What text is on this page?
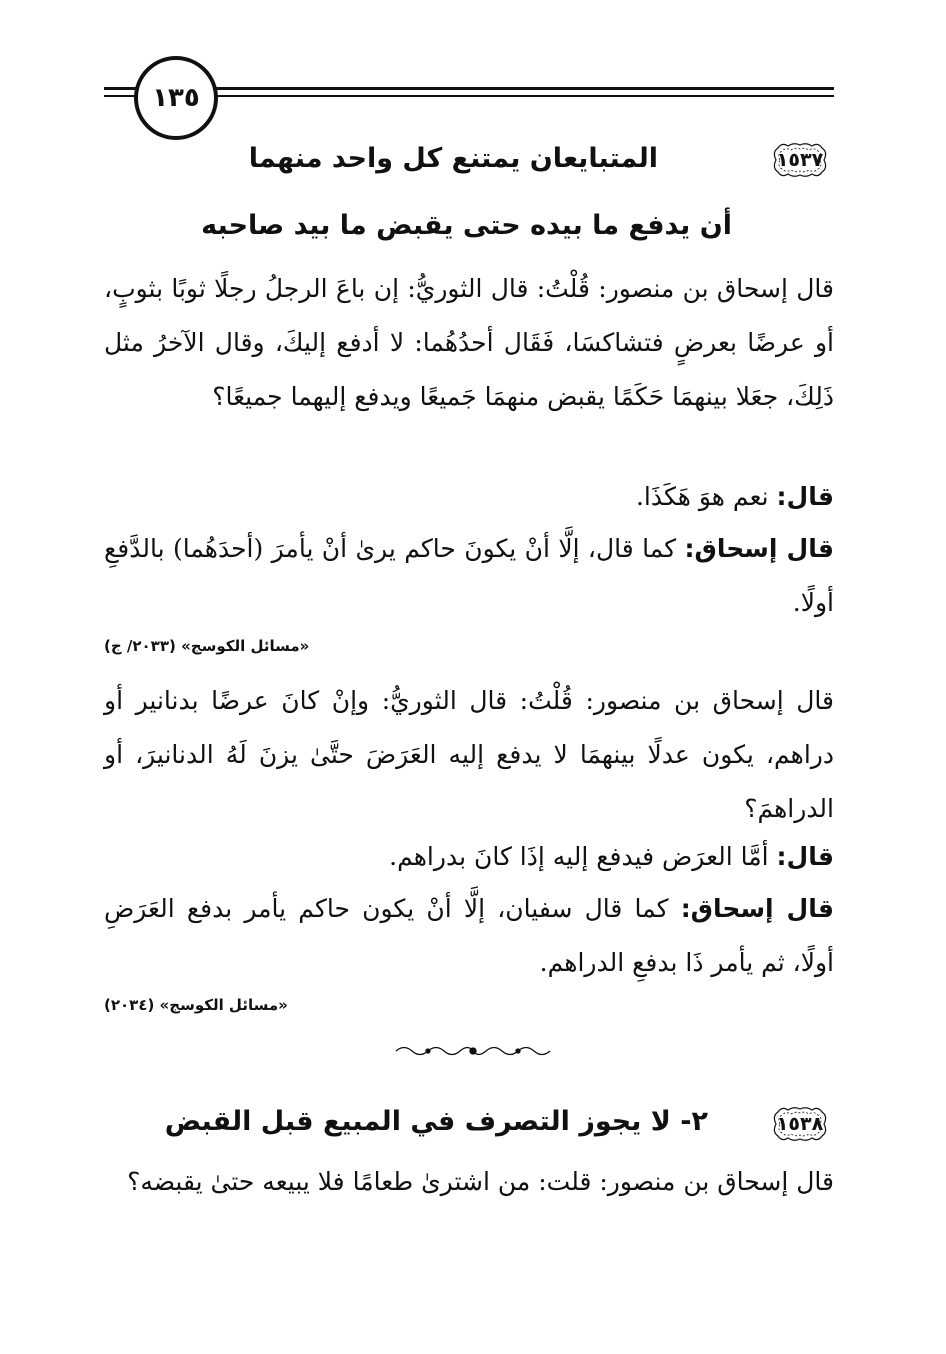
١٣٥
١٥٣٧
المتبايعان يمتنع كل واحد منهما
أن يدفع ما بيده حتى يقبض ما بيد صاحبه
قال إسحاق بن منصور: قُلْتُ: قال الثوريُّ: إن باعَ الرجلُ رجلًا ثوبًا بثوبٍ، أو عرضًا بعرضٍ فتشاكسَا، فَقَال أحدُهُما: لا أدفع إليكَ، وقال الآخرُ مثل ذَلِكَ، جعَلا بينهمَا حَكَمًا يقبض منهمَا جَميعًا ويدفع إليهما جميعًا؟
قال: نعم هوَ هَكَذَا.
قال إسحاق: كما قال، إلَّا أنْ يكونَ حاكم يرىٰ أنْ يأمرَ (أحدَهُما) بالدَّفعِ أولًا.
«مسائل الكوسج» (٢٠٣٣/ ج)
قال إسحاق بن منصور: قُلْتُ: قال الثوريُّ: وإنْ كانَ عرضًا بدنانير أو دراهم، يكون عدلًا بينهمَا لا يدفع إليه العَرَضَ حتَّىٰ يزنَ لَهُ الدنانيرَ، أو الدراهمَ؟
قال: أمَّا العرَض فيدفع إليه إذَا كانَ بدراهم.
قال إسحاق: كما قال سفيان، إلَّا أنْ يكون حاكم يأمر بدفع العَرَضِ أولًا، ثم يأمر ذَا بدفعِ الدراهم.
«مسائل الكوسج» (٢٠٣٤)
١٥٣٨
٢- لا يجوز التصرف في المبيع قبل القبض
قال إسحاق بن منصور: قلت: من اشترىٰ طعامًا فلا يبيعه حتىٰ يقبضه؟
